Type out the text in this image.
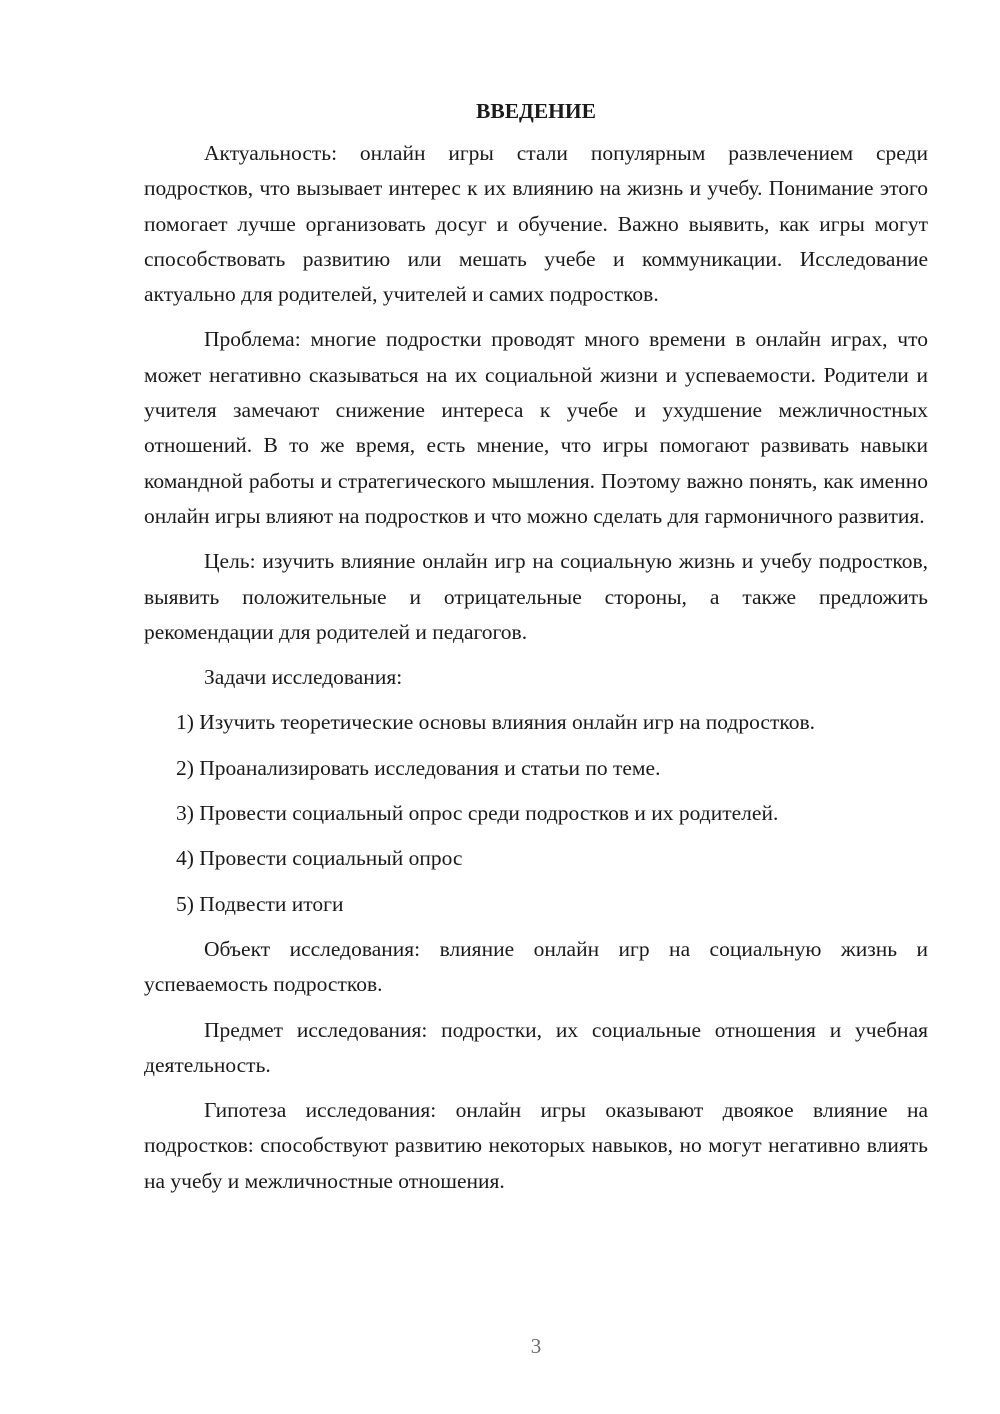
ВВЕДЕНИЕ

Актуальность: онлайн игры стали популярным развлечением среди подростков, что вызывает интерес к их влиянию на жизнь и учебу. Понимание этого помогает лучше организовать досуг и обучение. Важно выявить, как игры могут способствовать развитию или мешать учебе и коммуникации. Исследование актуально для родителей, учителей и самих подростков.

Проблема: многие подростки проводят много времени в онлайн играх, что может негативно сказываться на их социальной жизни и успеваемости. Родители и учителя замечают снижение интереса к учебе и ухудшение межличностных отношений. В то же время, есть мнение, что игры помогают развивать навыки командной работы и стратегического мышления. Поэтому важно понять, как именно онлайн игры влияют на подростков и что можно сделать для гармоничного развития.

Цель: изучить влияние онлайн игр на социальную жизнь и учебу подростков, выявить положительные и отрицательные стороны, а также предложить рекомендации для родителей и педагогов.

Задачи исследования:

1) Изучить теоретические основы влияния онлайн игр на подростков.
2) Проанализировать исследования и статьи по теме.
3) Провести социальный опрос среди подростков и их родителей.
4) Провести социальный опрос
5) Подвести итоги

Объект исследования: влияние онлайн игр на социальную жизнь и успеваемость подростков.

Предмет исследования: подростки, их социальные отношения и учебная деятельность.

Гипотеза исследования: онлайн игры оказывают двоякое влияние на подростков: способствуют развитию некоторых навыков, но могут негативно влиять на учебу и межличностные отношения.

3
